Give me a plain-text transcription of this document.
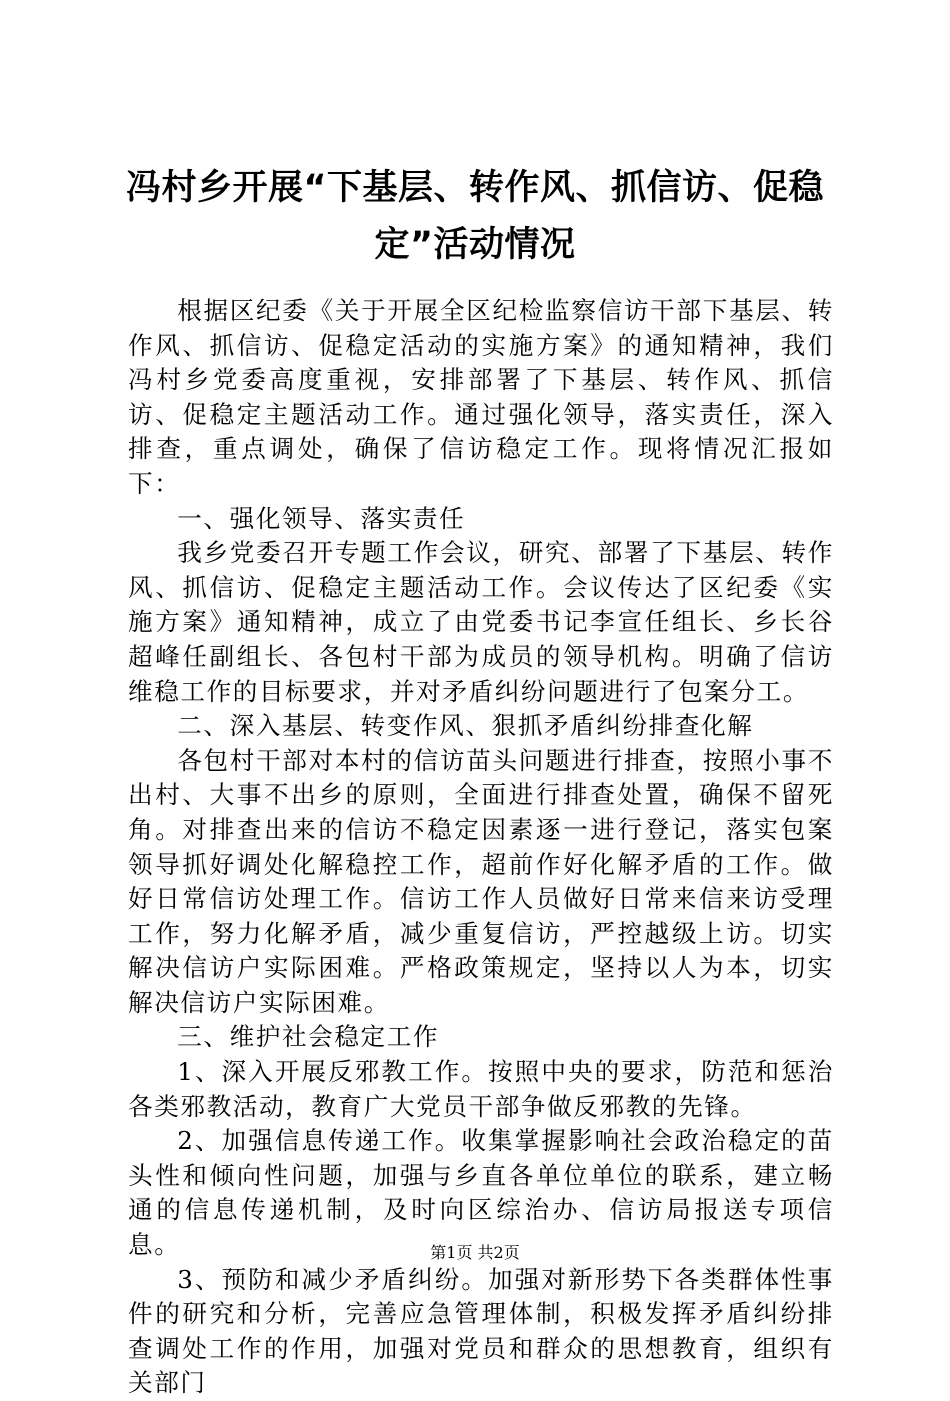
冯村乡开展“下基层、转作风、抓信访、促稳
定”活动情况

根据区纪委《关于开展全区纪检监察信访干部下基层、转作风、抓信访、促稳定活动的实施方案》的通知精神，我们冯村乡党委高度重视，安排部署了下基层、转作风、抓信访、促稳定主题活动工作。通过强化领导，落实责任，深入排查，重点调处，确保了信访稳定工作。现将情况汇报如下：

一、强化领导、落实责任

我乡党委召开专题工作会议，研究、部署了下基层、转作风、抓信访、促稳定主题活动工作。会议传达了区纪委《实施方案》通知精神，成立了由党委书记李宣任组长、乡长谷超峰任副组长、各包村干部为成员的领导机构。明确了信访维稳工作的目标要求，并对矛盾纠纷问题进行了包案分工。

二、深入基层、转变作风、狠抓矛盾纠纷排查化解

各包村干部对本村的信访苗头问题进行排查，按照小事不出村、大事不出乡的原则，全面进行排查处置，确保不留死角。对排查出来的信访不稳定因素逐一进行登记，落实包案领导抓好调处化解稳控工作，超前作好化解矛盾的工作。做好日常信访处理工作。信访工作人员做好日常来信来访受理工作，努力化解矛盾，减少重复信访，严控越级上访。切实解决信访户实际困难。严格政策规定，坚持以人为本，切实解决信访户实际困难。

三、维护社会稳定工作

1、深入开展反邪教工作。按照中央的要求，防范和惩治各类邪教活动，教育广大党员干部争做反邪教的先锋。

2、加强信息传递工作。收集掌握影响社会政治稳定的苗头性和倾向性问题，加强与乡直各单位单位的联系，建立畅通的信息传递机制，及时向区综治办、信访局报送专项信息。

3、预防和减少矛盾纠纷。加强对新形势下各类群体性事件的研究和分析，完善应急管理体制，积极发挥矛盾纠纷排查调处工作的作用，加强对党员和群众的思想教育，组织有关部门

第1页 共2页
